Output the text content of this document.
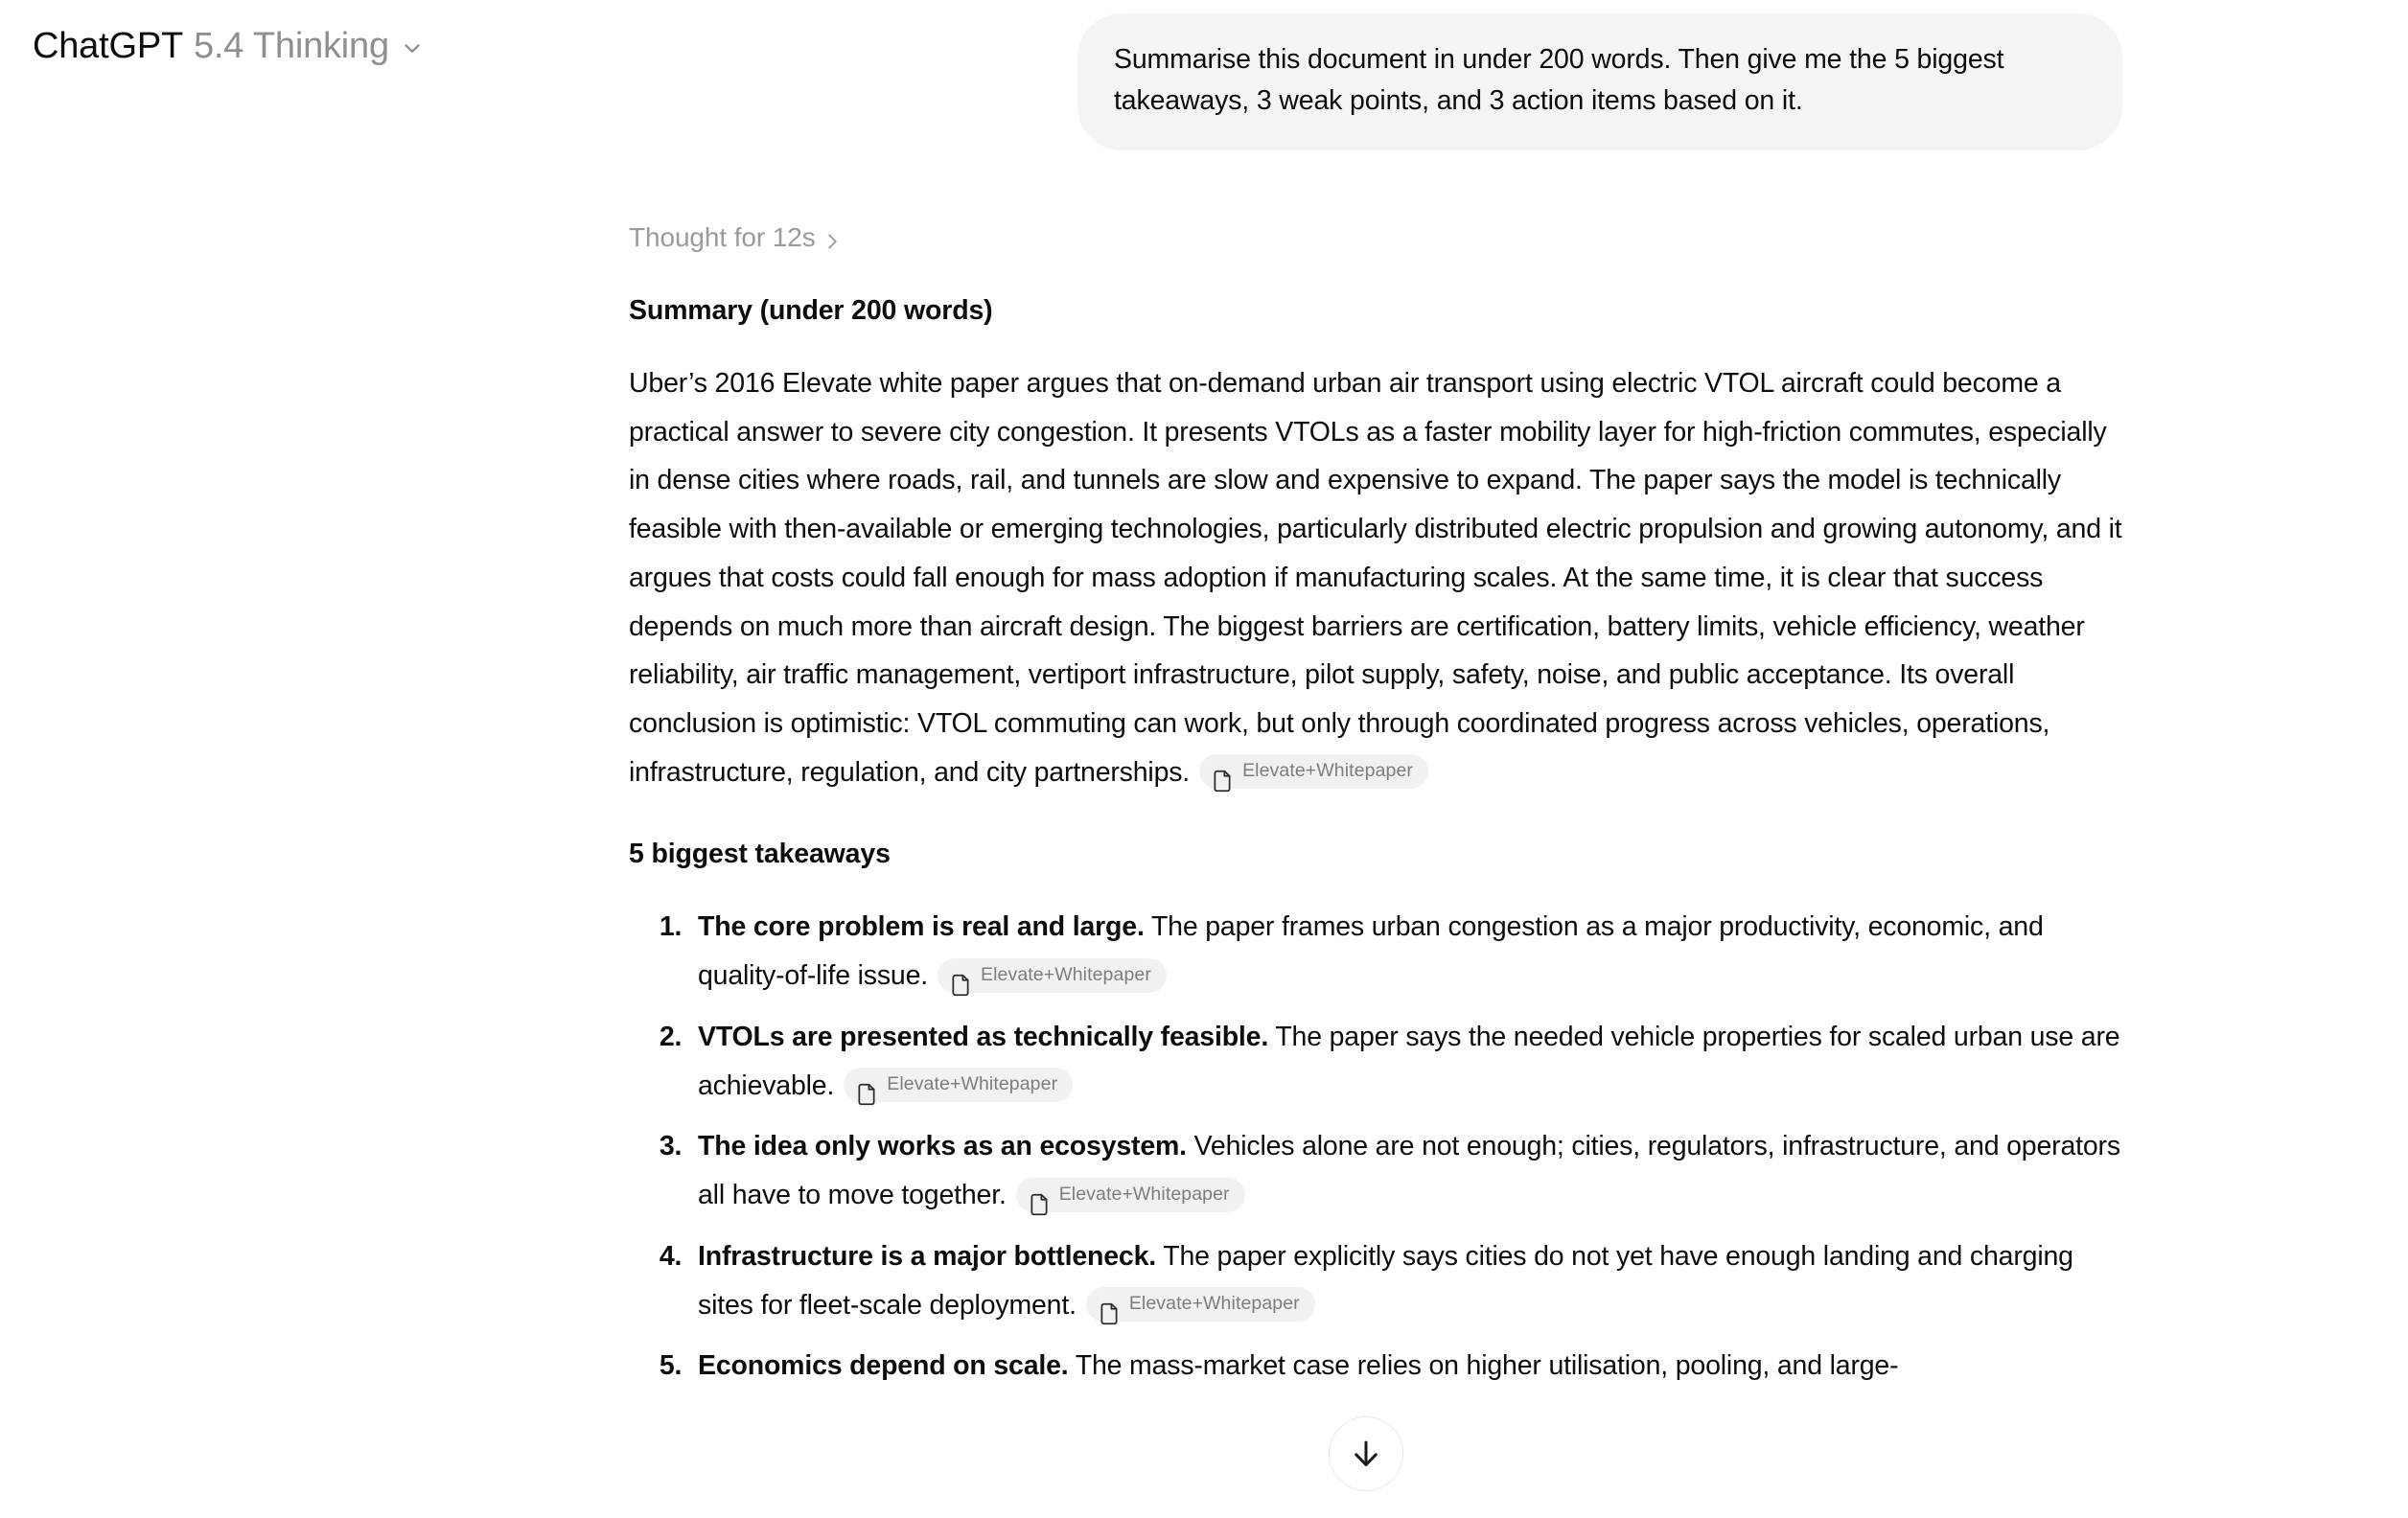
ChatGPT 5.4 Thinking	Summarise this document in under 200 words. Then give me the 5 biggest takeaways, 3 weak points, and 3 action items based on it.
Thought for 12s
Summary (under 200 words)

Uber’s 2016 Elevate white paper argues that on-demand urban air transport using electric VTOL aircraft could become a practical answer to severe city congestion. It presents VTOLs as a faster mobility layer for high-friction commutes, especially in dense cities where roads, rail, and tunnels are slow and expensive to expand. The paper says the model is technically feasible with then-available or emerging technologies, particularly distributed electric propulsion and growing autonomy, and it argues that costs could fall enough for mass adoption if manufacturing scales. At the same time, it is clear that success depends on much more than aircraft design. The biggest barriers are certification, battery limits, vehicle efficiency, weather reliability, air traffic management, vertiport infrastructure, pilot supply, safety, noise, and public acceptance. Its overall conclusion is optimistic: VTOL commuting can work, but only through coordinated progress across vehicles, operations, infrastructure, regulation, and city partnerships.	Elevate+Whitepaper

5 biggest takeaways
1. The core problem is real and large. The paper frames urban congestion as a major productivity, economic, and quality-of-life issue.	Elevate+Whitepaper
2. VTOLs are presented as technically feasible. The paper says the needed vehicle properties for scaled urban use are achievable.	Elevate+Whitepaper
3. The idea only works as an ecosystem. Vehicles alone are not enough; cities, regulators, infrastructure, and operators all have to move together.	Elevate+Whitepaper
4. Infrastructure is a major bottleneck. The paper explicitly says cities do not yet have enough landing and charging sites for fleet-scale deployment.	Elevate+Whitepaper
5. Economics depend on scale. The mass-market case relies on higher utilisation, pooling, and large-
